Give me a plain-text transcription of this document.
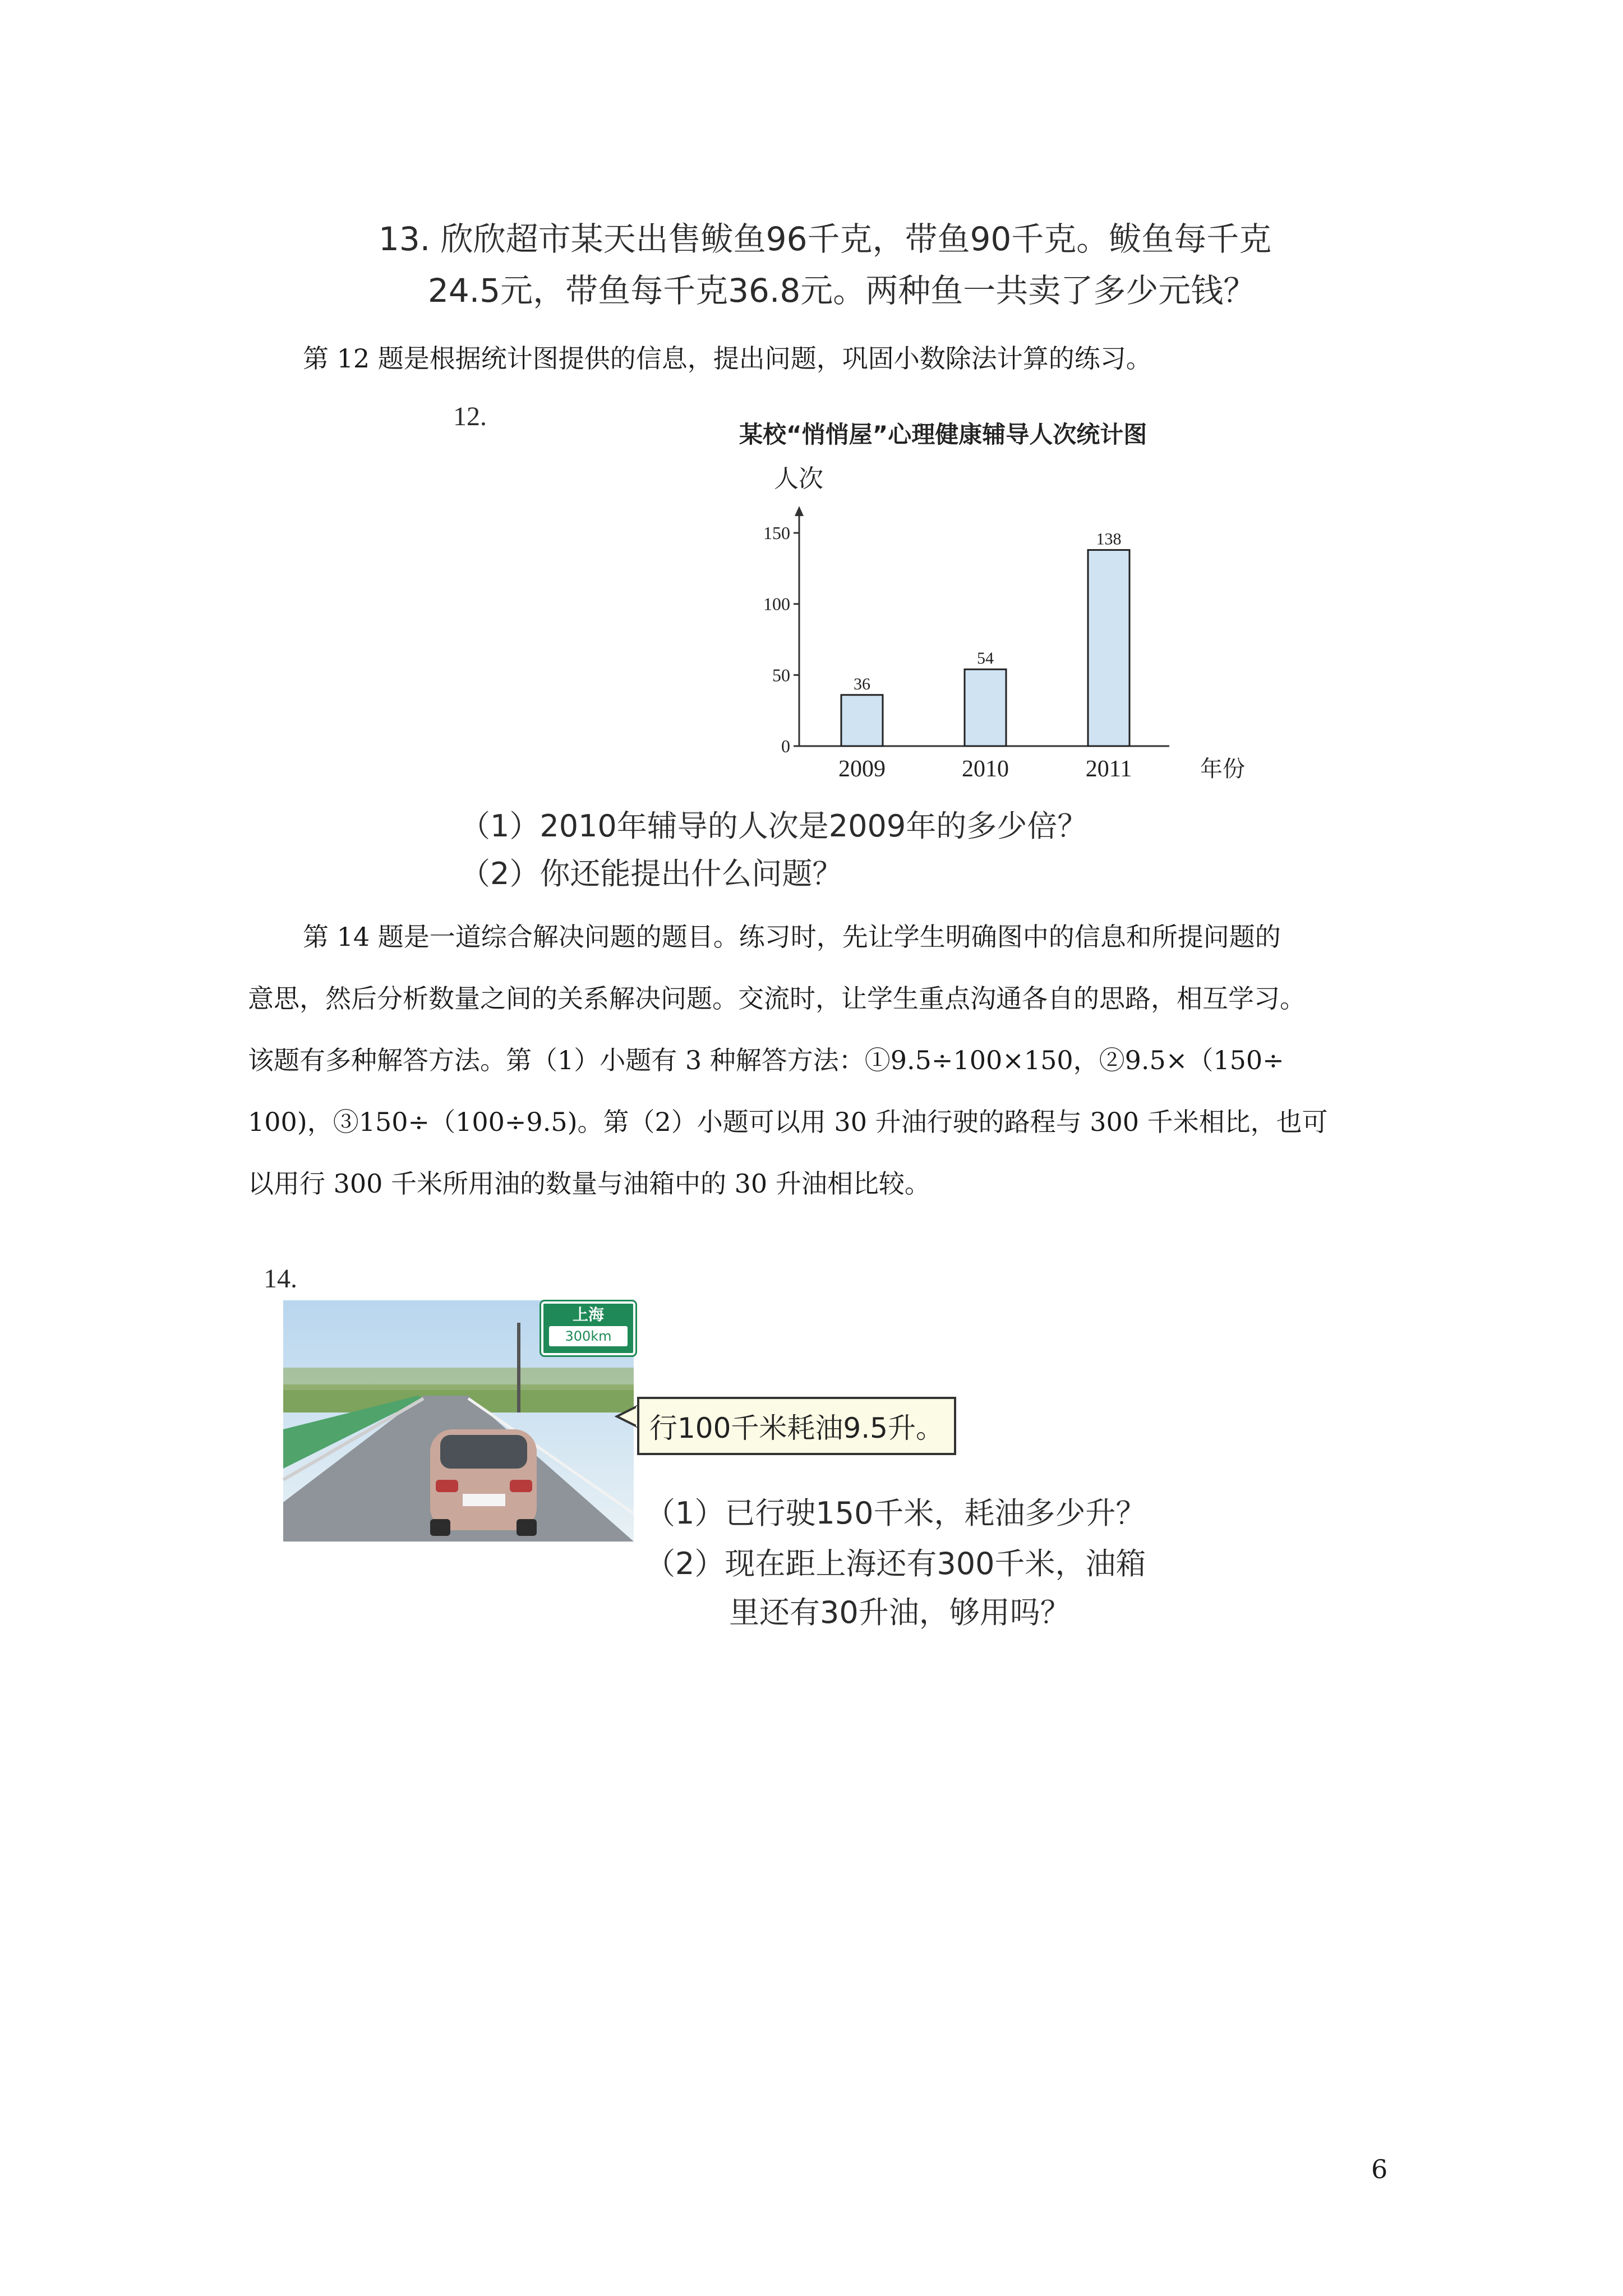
13. 欣欣超市某天出售鲅鱼96千克，带鱼90千克。鲅鱼每千克
24.5元，带鱼每千克36.8元。两种鱼一共卖了多少元钱？
第 12 题是根据统计图提供的信息，提出问题，巩固小数除法计算的练习。
12.
某校“悄悄屋”心理健康辅导人次统计图
人次
0
50
100
150
年份
36
2009
54
2010
138
2011
（1）2010年辅导的人次是2009年的多少倍？
（2）你还能提出什么问题？
第 14 题是一道综合解决问题的题目。练习时，先让学生明确图中的信息和所提问题的
意思，然后分析数量之间的关系解决问题。交流时，让学生重点沟通各自的思路，相互学习。
该题有多种解答方法。第（1）小题有 3 种解答方法：①9.5÷100×150，②9.5×（150÷
100)，③150÷（100÷9.5)。第（2）小题可以用 30 升油行驶的路程与 300 千米相比，也可
以用行 300 千米所用油的数量与油箱中的 30 升油相比较。
14.
上海
300km
行100千米耗油9.5升。
（1）已行驶150千米，耗油多少升？
（2）现在距上海还有300千米，油箱
里还有30升油，够用吗？
6
